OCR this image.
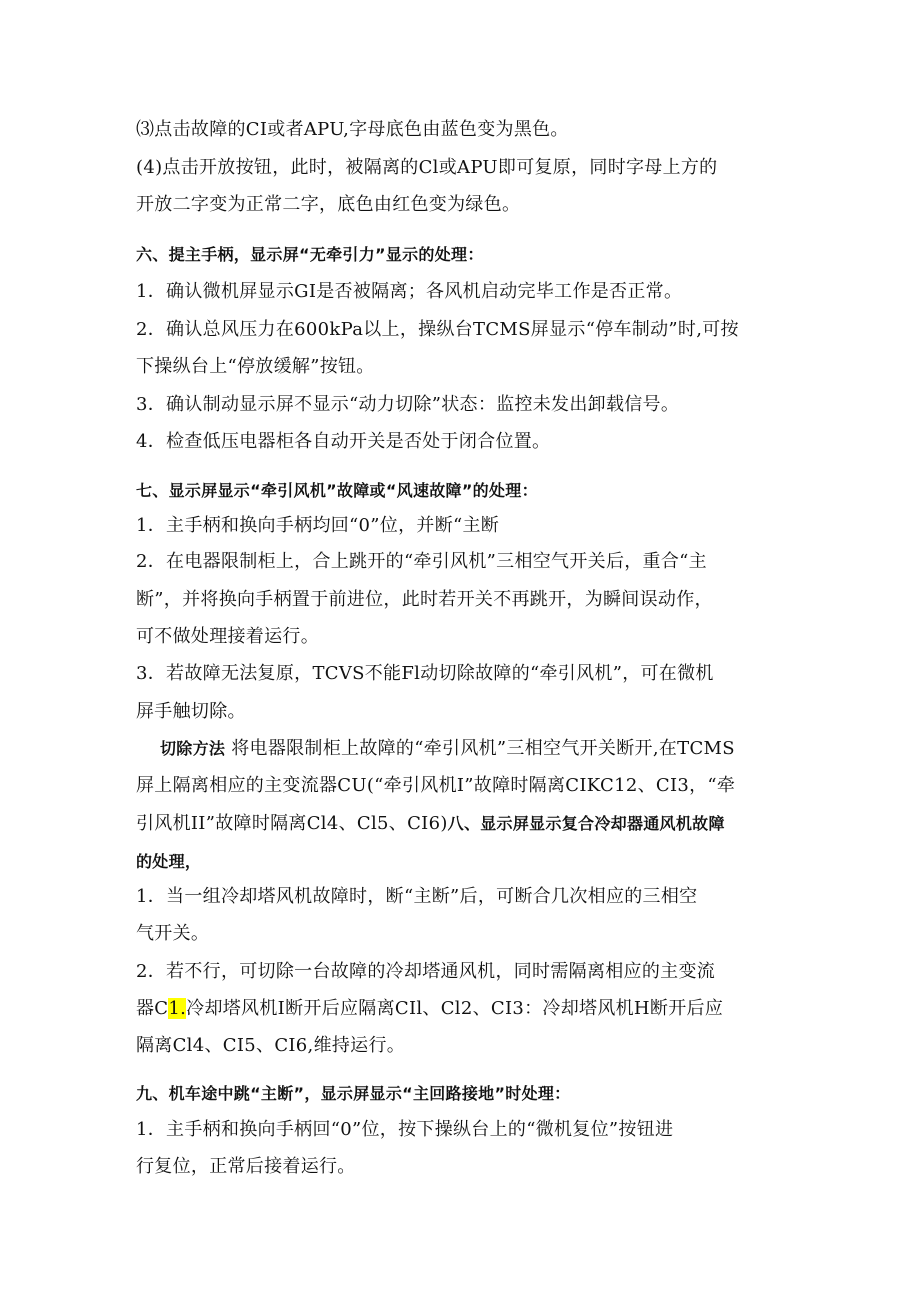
⑶点击故障的CI或者APU,字母底色由蓝色变为黑色。
(4)点击开放按钮，此时，被隔离的Cl或APU即可复原，同时字母上方的
开放二字变为正常二字，底色由红色变为绿色。
六、提主手柄，显示屏“无牵引力”显示的处理：
1．确认微机屏显示GI是否被隔离；各风机启动完毕工作是否正常。
2．确认总风压力在600kPa以上，操纵台TCMS屏显示“停车制动”时,可按
下操纵台上“停放缓解”按钮。
3．确认制动显示屏不显示“动力切除”状态：监控未发出卸载信号。
4．检查低压电器柜各自动开关是否处于闭合位置。
七、显示屏显示“牵引风机”故障或“风速故障”的处理：
1．主手柄和换向手柄均回“0”位，并断“主断
2．在电器限制柜上，合上跳开的“牵引风机”三相空气开关后，重合“主
断”，并将换向手柄置于前进位，此时若开关不再跳开，为瞬间误动作，
可不做处理接着运行。
3．若故障无法复原，TCVS不能Fl动切除故障的“牵引风机”，可在微机
屏手触切除。
切除方法 将电器限制柜上故障的“牵引风机”三相空气开关断开,在TCMS
屏上隔离相应的主变流器CU(“牵引风机I”故障时隔离CIKC12、CI3，“牵
引风机II”故障时隔离Cl4、Cl5、CI6)八、显示屏显示复合冷却器通风机故障
的处理，
1．当一组冷却塔风机故障时，断“主断”后，可断合几次相应的三相空
气开关。
2．若不行，可切除一台故障的冷却塔通风机，同时需隔离相应的主变流
器C1.冷却塔风机I断开后应隔离CIl、Cl2、CI3：冷却塔风机H断开后应
隔离Cl4、CI5、CI6,维持运行。
九、机车途中跳“主断”，显示屏显示“主回路接地”时处理：
1．主手柄和换向手柄回“0”位，按下操纵台上的“微机复位”按钮进
行复位，正常后接着运行。
